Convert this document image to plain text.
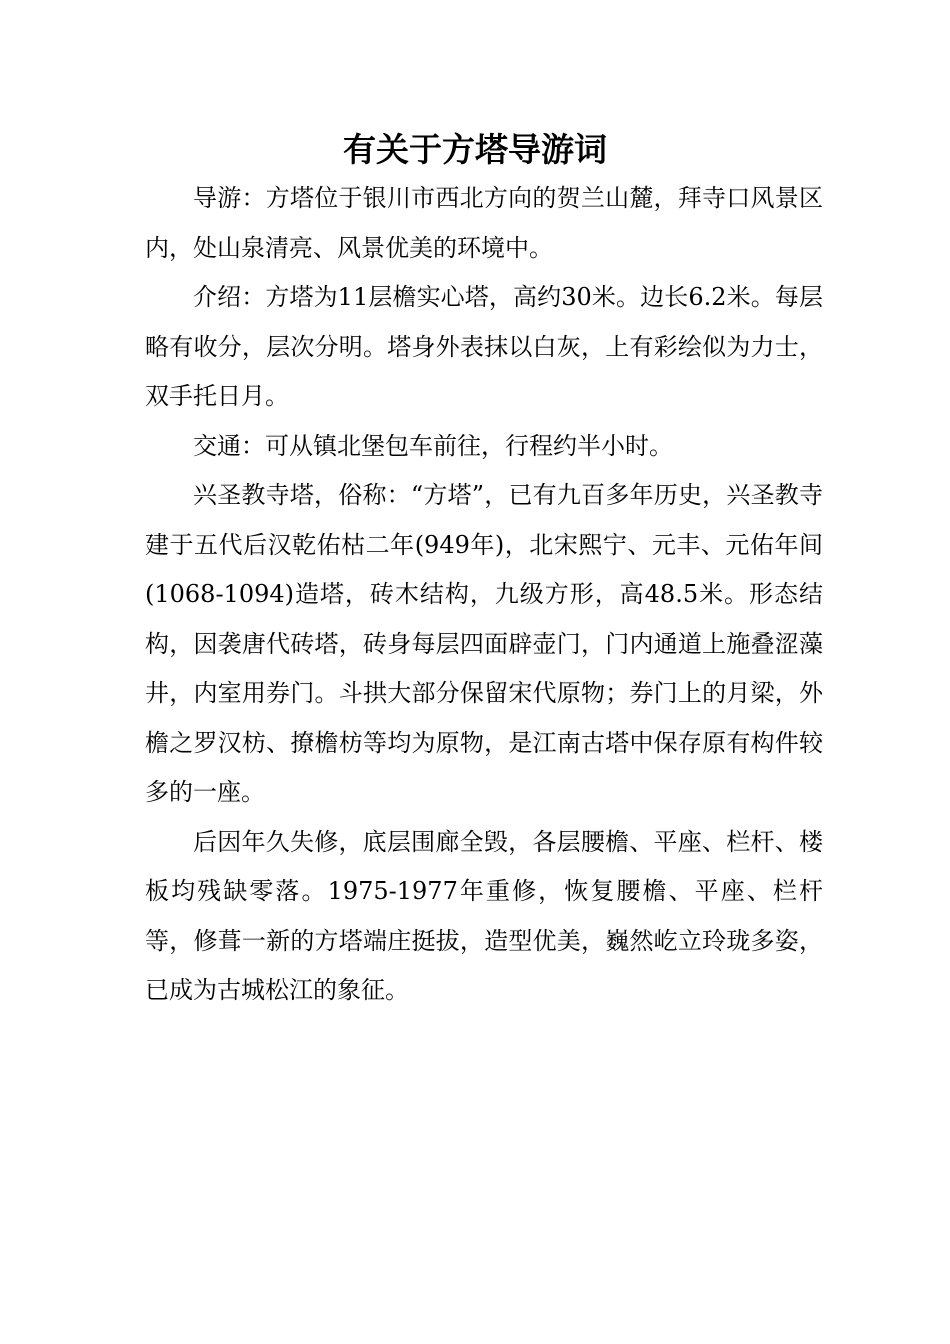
有关于方塔导游词

导游：方塔位于银川市西北方向的贺兰山麓，拜寺口风景区内，处山泉清亮、风景优美的环境中。

介绍：方塔为11层檐实心塔，高约30米。边长6.2米。每层略有收分，层次分明。塔身外表抹以白灰，上有彩绘似为力士，双手托日月。

交通：可从镇北堡包车前往，行程约半小时。

兴圣教寺塔，俗称：“方塔”，已有九百多年历史，兴圣教寺建于五代后汉乾佑枯二年(949年)，北宋熙宁、元丰、元佑年间(1068-1094)造塔，砖木结构，九级方形，高48.5米。形态结构，因袭唐代砖塔，砖身每层四面辟壶门，门内通道上施叠涩藻井，内室用券门。斗拱大部分保留宋代原物；券门上的月梁，外檐之罗汉枋、撩檐枋等均为原物，是江南古塔中保存原有构件较多的一座。

后因年久失修，底层围廊全毁，各层腰檐、平座、栏杆、楼板均残缺零落。1975-1977年重修，恢复腰檐、平座、栏杆等，修葺一新的方塔端庄挺拔，造型优美，巍然屹立玲珑多姿，已成为古城松江的象征。
